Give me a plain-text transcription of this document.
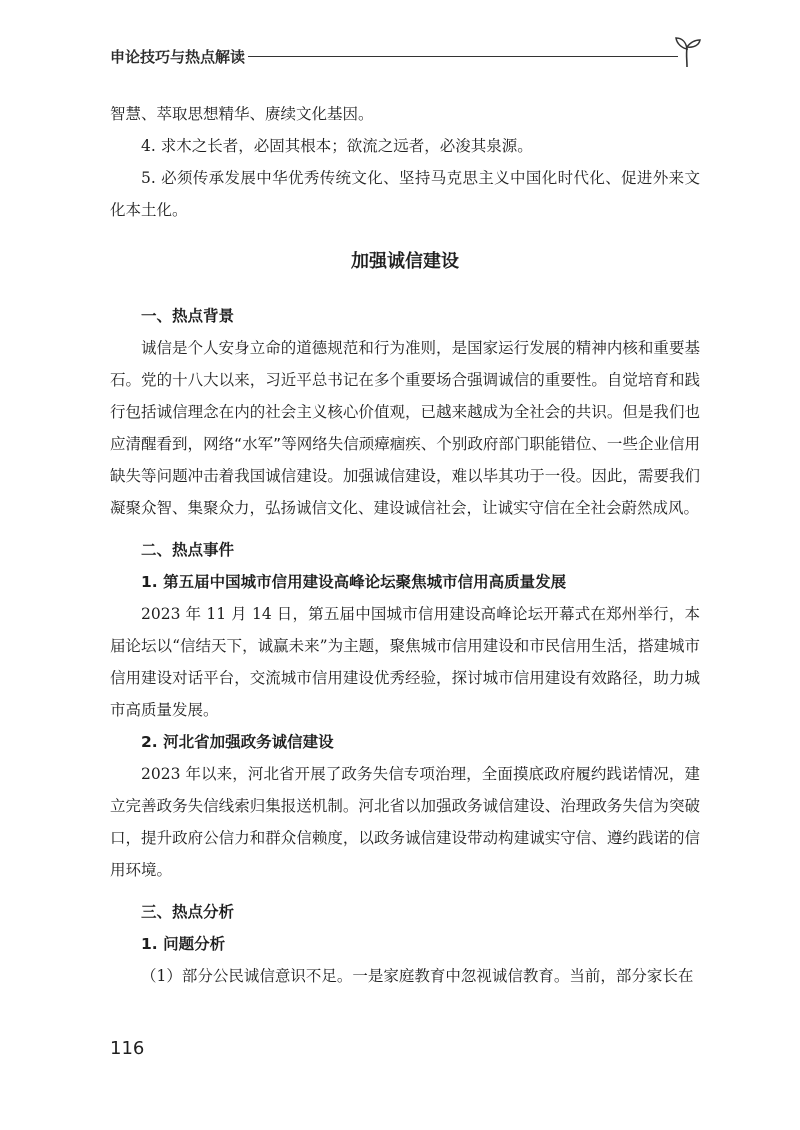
申论技巧与热点解读

智慧、萃取思想精华、赓续文化基因。

4. 求木之长者，必固其根本；欲流之远者，必浚其泉源。

5. 必须传承发展中华优秀传统文化、坚持马克思主义中国化时代化、促进外来文化本土化。

加强诚信建设
一、热点背景

诚信是个人安身立命的道德规范和行为准则，是国家运行发展的精神内核和重要基石。党的十八大以来，习近平总书记在多个重要场合强调诚信的重要性。自觉培育和践行包括诚信理念在内的社会主义核心价值观，已越来越成为全社会的共识。但是我们也应清醒看到，网络“水军”等网络失信顽瘴痼疾、个别政府部门职能错位、一些企业信用缺失等问题冲击着我国诚信建设。加强诚信建设，难以毕其功于一役。因此，需要我们凝聚众智、集聚众力，弘扬诚信文化、建设诚信社会，让诚实守信在全社会蔚然成风。

二、热点事件
1. 第五届中国城市信用建设高峰论坛聚焦城市信用高质量发展

2023 年 11 月 14 日，第五届中国城市信用建设高峰论坛开幕式在郑州举行，本届论坛以“信结天下，诚赢未来”为主题，聚焦城市信用建设和市民信用生活，搭建城市信用建设对话平台，交流城市信用建设优秀经验，探讨城市信用建设有效路径，助力城市高质量发展。

2. 河北省加强政务诚信建设

2023 年以来，河北省开展了政务失信专项治理，全面摸底政府履约践诺情况，建立完善政务失信线索归集报送机制。河北省以加强政务诚信建设、治理政务失信为突破口，提升政府公信力和群众信赖度，以政务诚信建设带动构建诚实守信、遵约践诺的信用环境。

三、热点分析
1. 问题分析

（1）部分公民诚信意识不足。一是家庭教育中忽视诚信教育。当前，部分家长在

116
